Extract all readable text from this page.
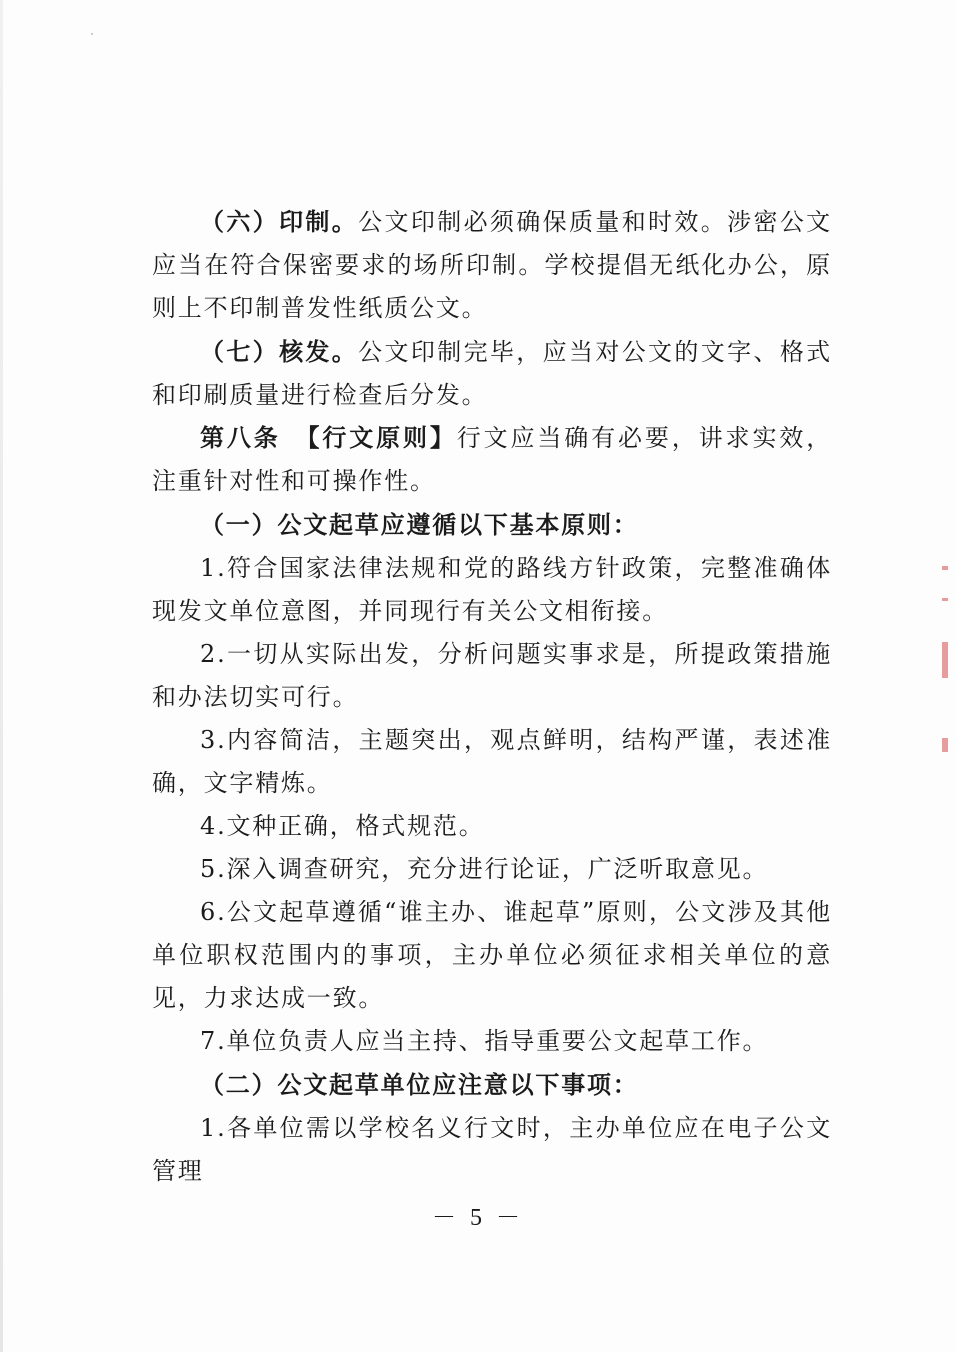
（六）印制。公文印制必须确保质量和时效。涉密公文应当在符合保密要求的场所印制。学校提倡无纸化办公，原则上不印制普发性纸质公文。

（七）核发。公文印制完毕，应当对公文的文字、格式和印刷质量进行检查后分发。

第八条　【行文原则】行文应当确有必要，讲求实效，注重针对性和可操作性。

（一）公文起草应遵循以下基本原则：

1.符合国家法律法规和党的路线方针政策，完整准确体现发文单位意图，并同现行有关公文相衔接。

2.一切从实际出发，分析问题实事求是，所提政策措施和办法切实可行。

3.内容简洁，主题突出，观点鲜明，结构严谨，表述准确，文字精炼。

4.文种正确，格式规范。

5.深入调查研究，充分进行论证，广泛听取意见。

6.公文起草遵循“谁主办、谁起草”原则，公文涉及其他单位职权范围内的事项，主办单位必须征求相关单位的意见，力求达成一致。

7.单位负责人应当主持、指导重要公文起草工作。

（二）公文起草单位应注意以下事项：

1.各单位需以学校名义行文时，主办单位应在电子公文管理

－ 5 －
